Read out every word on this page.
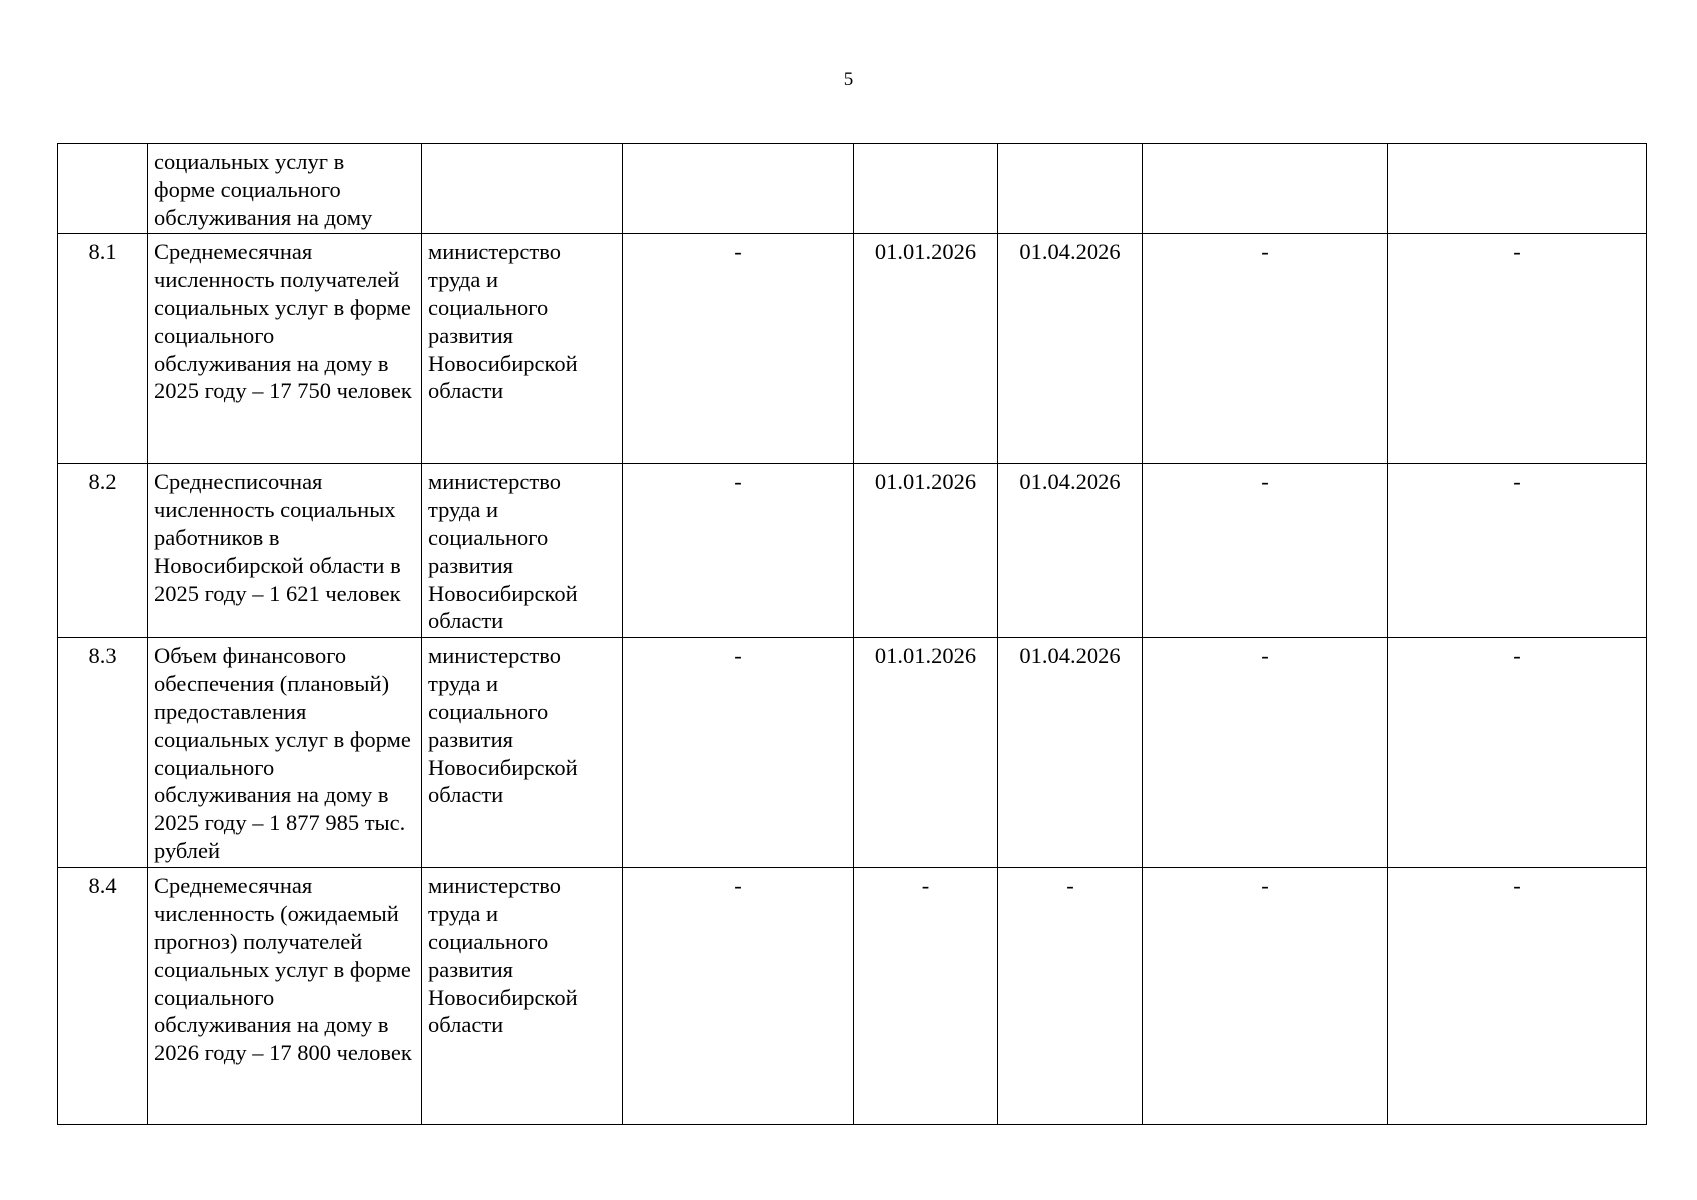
5
	социальных услуг в
форме социального
обслуживания на дому						
8.1	Среднемесячная численность получателей социальных услуг в форме социального обслуживания на дому в 2025 году – 17 750 человек	министерство труда и социального развития Новосибирской области	-	01.01.2026	01.04.2026	-	-
8.2	Среднесписочная численность социальных работников в Новосибирской области в 2025 году – 1 621 человек	министерство труда и социального развития Новосибирской области	-	01.01.2026	01.04.2026	-	-
8.3	Объем финансового обеспечения (плановый) предоставления социальных услуг в форме социального обслуживания на дому в 2025 году – 1 877 985 тыс. рублей	министерство труда и социального развития Новосибирской области	-	01.01.2026	01.04.2026	-	-
8.4	Среднемесячная численность (ожидаемый прогноз) получателей социальных услуг в форме социального обслуживания на дому в 2026 году – 17 800 человек	министерство труда и социального развития Новосибирской области	-	-	-	-	-
